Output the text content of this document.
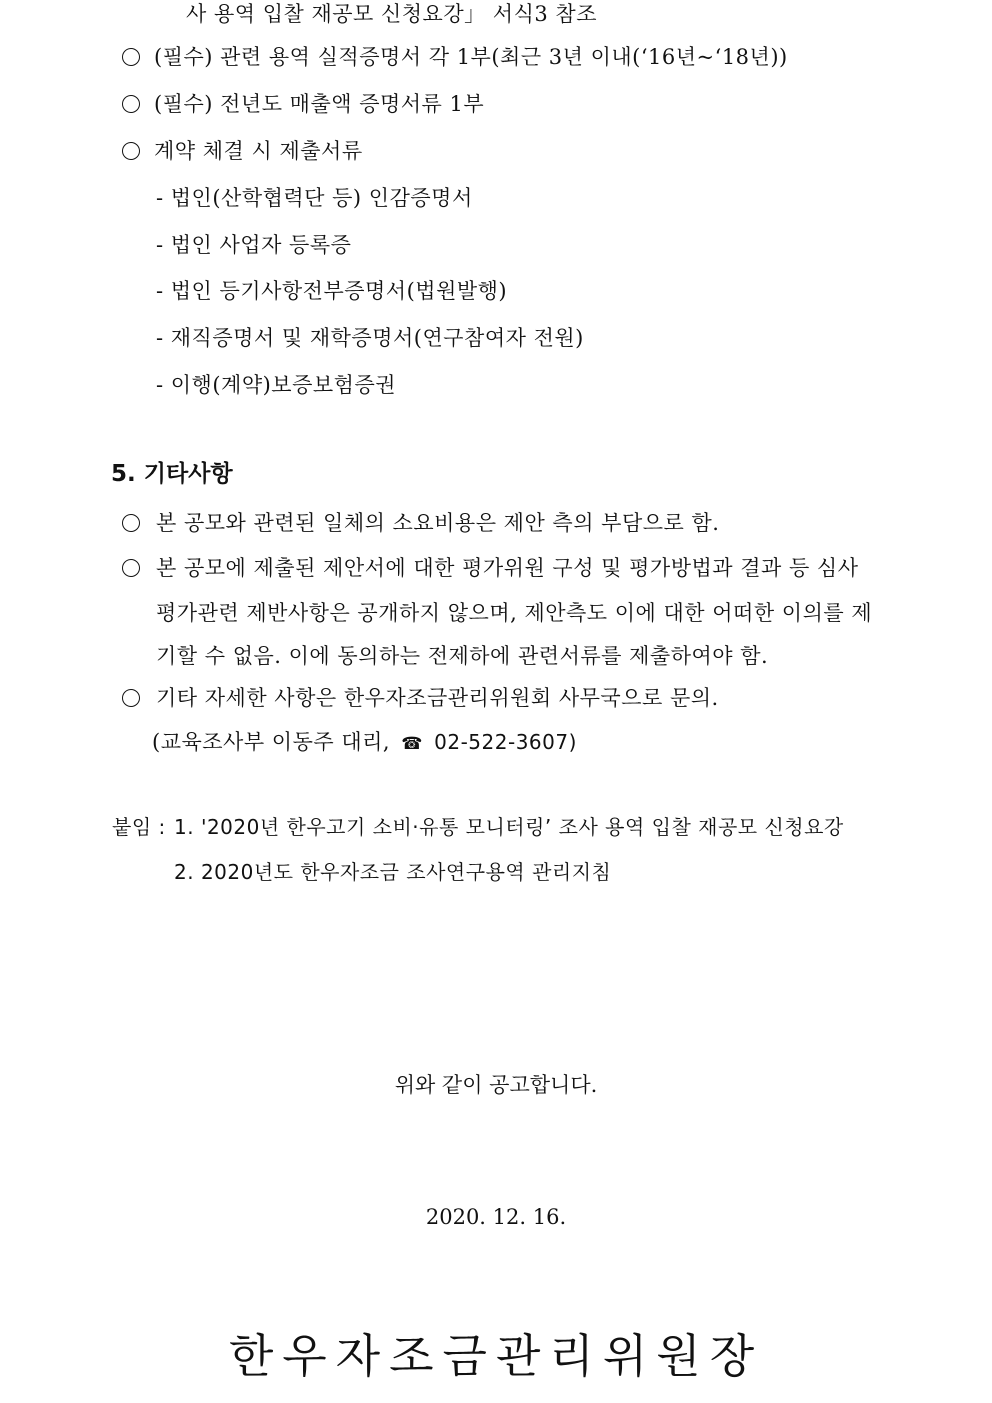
사 용역 입찰 재공모 신청요강」 서식3 참조
(필수) 관련 용역 실적증명서 각 1부(최근 3년 이내(‘16년~‘18년))
(필수) 전년도 매출액 증명서류 1부
계약 체결 시 제출서류
- 법인(산학협력단 등) 인감증명서
- 법인 사업자 등록증
- 법인 등기사항전부증명서(법원발행)
- 재직증명서 및 재학증명서(연구참여자 전원)
- 이행(계약)보증보험증권
5. 기타사항
본 공모와 관련된 일체의 소요비용은 제안 측의 부담으로 함.
본 공모에 제출된 제안서에 대한 평가위원 구성 및 평가방법과 결과 등 심사
평가관련 제반사항은 공개하지 않으며, 제안측도 이에 대한 어떠한 이의를 제
기할 수 없음. 이에 동의하는 전제하에 관련서류를 제출하여야 함.
기타 자세한 사항은 한우자조금관리위원회 사무국으로 문의.
(교육조사부 이동주 대리, ☎ 02-522-3607)
붙임 : 1. '2020년 한우고기 소비·유통 모니터링’ 조사 용역 입찰 재공모 신청요강
2. 2020년도 한우자조금 조사연구용역 관리지침
위와 같이 공고합니다.
2020. 12. 16.
한우자조금관리위원장
